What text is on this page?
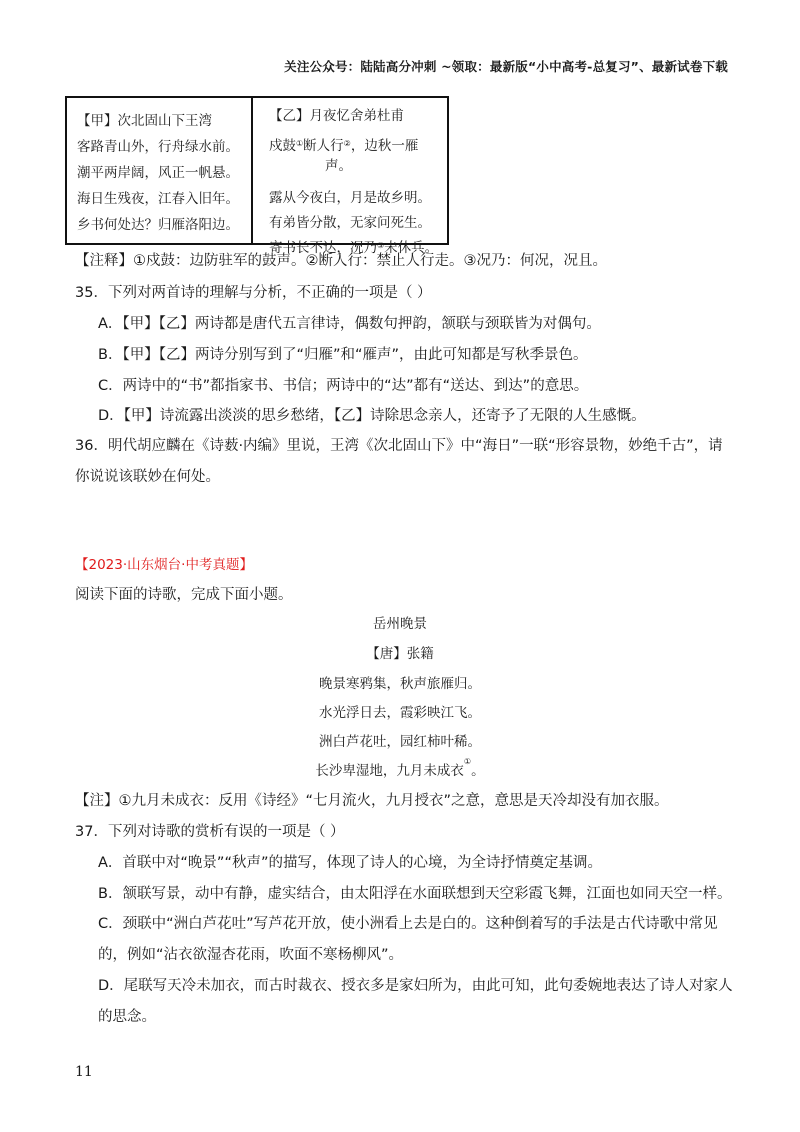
关注公众号：陆陆高分冲刺 ~领取：最新版“小中高考-总复习”、最新试卷下载
【甲】次北固山下王湾
客路青山外，行舟绿水前。
潮平两岸阔，风正一帆悬。
海日生残夜，江春入旧年。
乡书何处达？归雁洛阳边。
【乙】月夜忆舍弟杜甫
戍鼓①断人行②，边秋一雁
声。
露从今夜白，月是故乡明。
有弟皆分散，无家问死生。
寄书长不达，况乃③未休兵。
【注释】①戍鼓：边防驻军的鼓声。②断人行：禁止人行走。③况乃：何况，况且。
35．下列对两首诗的理解与分析，不正确的一项是（ ）
A．【甲】【乙】两诗都是唐代五言律诗，偶数句押韵，颔联与颈联皆为对偶句。
B．【甲】【乙】两诗分别写到了“归雁”和“雁声”，由此可知都是写秋季景色。
C．两诗中的“书”都指家书、书信；两诗中的“达”都有“送达、到达”的意思。
D．【甲】诗流露出淡淡的思乡愁绪，【乙】诗除思念亲人，还寄予了无限的人生感慨。
36．明代胡应麟在《诗薮·内编》里说，王湾《次北固山下》中“海日”一联“形容景物，妙绝千古”，请
你说说该联妙在何处。
【2023·山东烟台·中考真题】
阅读下面的诗歌，完成下面小题。
岳州晚景
【唐】张籍
晚景寒鸦集，秋声旅雁归。
水光浮日去，霞彩映江飞。
洲白芦花吐，园红柿叶稀。
长沙卑湿地，九月未成衣①。
【注】①九月未成衣：反用《诗经》“七月流火，九月授衣”之意，意思是天冷却没有加衣服。
37．下列对诗歌的赏析有误的一项是（ ）
A．首联中对“晚景”“秋声”的描写，体现了诗人的心境，为全诗抒情奠定基调。
B．颔联写景，动中有静，虚实结合，由太阳浮在水面联想到天空彩霞飞舞，江面也如同天空一样。
C．颈联中“洲白芦花吐”写芦花开放，使小洲看上去是白的。这种倒着写的手法是古代诗歌中常见
的，例如“沾衣欲湿杏花雨，吹面不寒杨柳风”。
D．尾联写天冷未加衣，而古时裁衣、授衣多是家妇所为，由此可知，此句委婉地表达了诗人对家人
的思念。
11
